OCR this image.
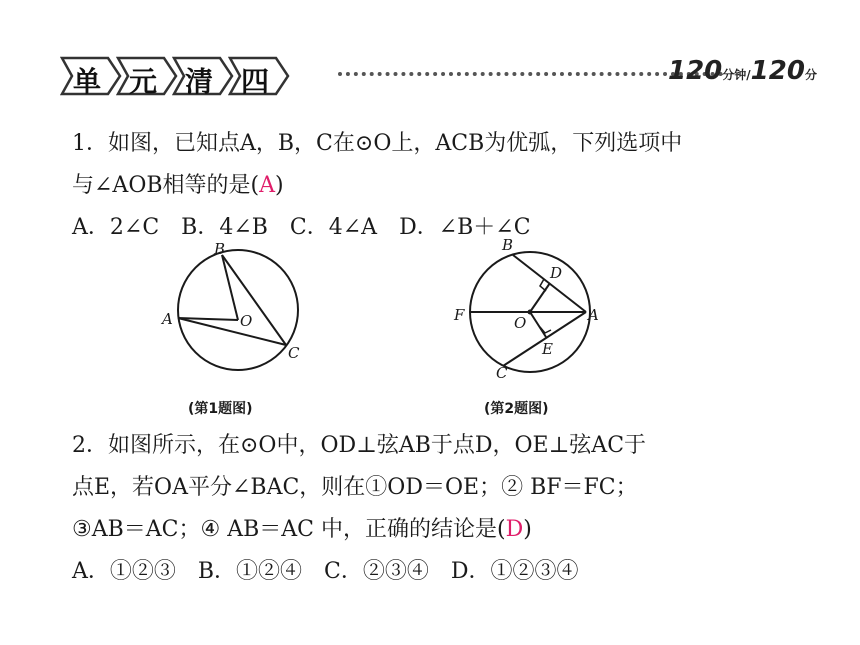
单 元 清 四	120分钟/120分
1．如图，已知点A，B，C在⊙O上，ACB为优弧，下列选项中
与∠AOB相等的是(A)
A．2∠C　B．4∠B　C．4∠A　D．∠B＋∠C
B
A	O
C
(第1题图)
B
D
F	O	A
E
C
(第2题图)
2．如图所示，在⊙O中，OD⊥弦AB于点D，OE⊥弦AC于
点E，若OA平分∠BAC，则在①OD＝OE；② BF＝FC；
③AB＝AC；④ AB＝AC 中，正确的结论是(D)
A．①②③　B．①②④　C．②③④　D．①②③④
